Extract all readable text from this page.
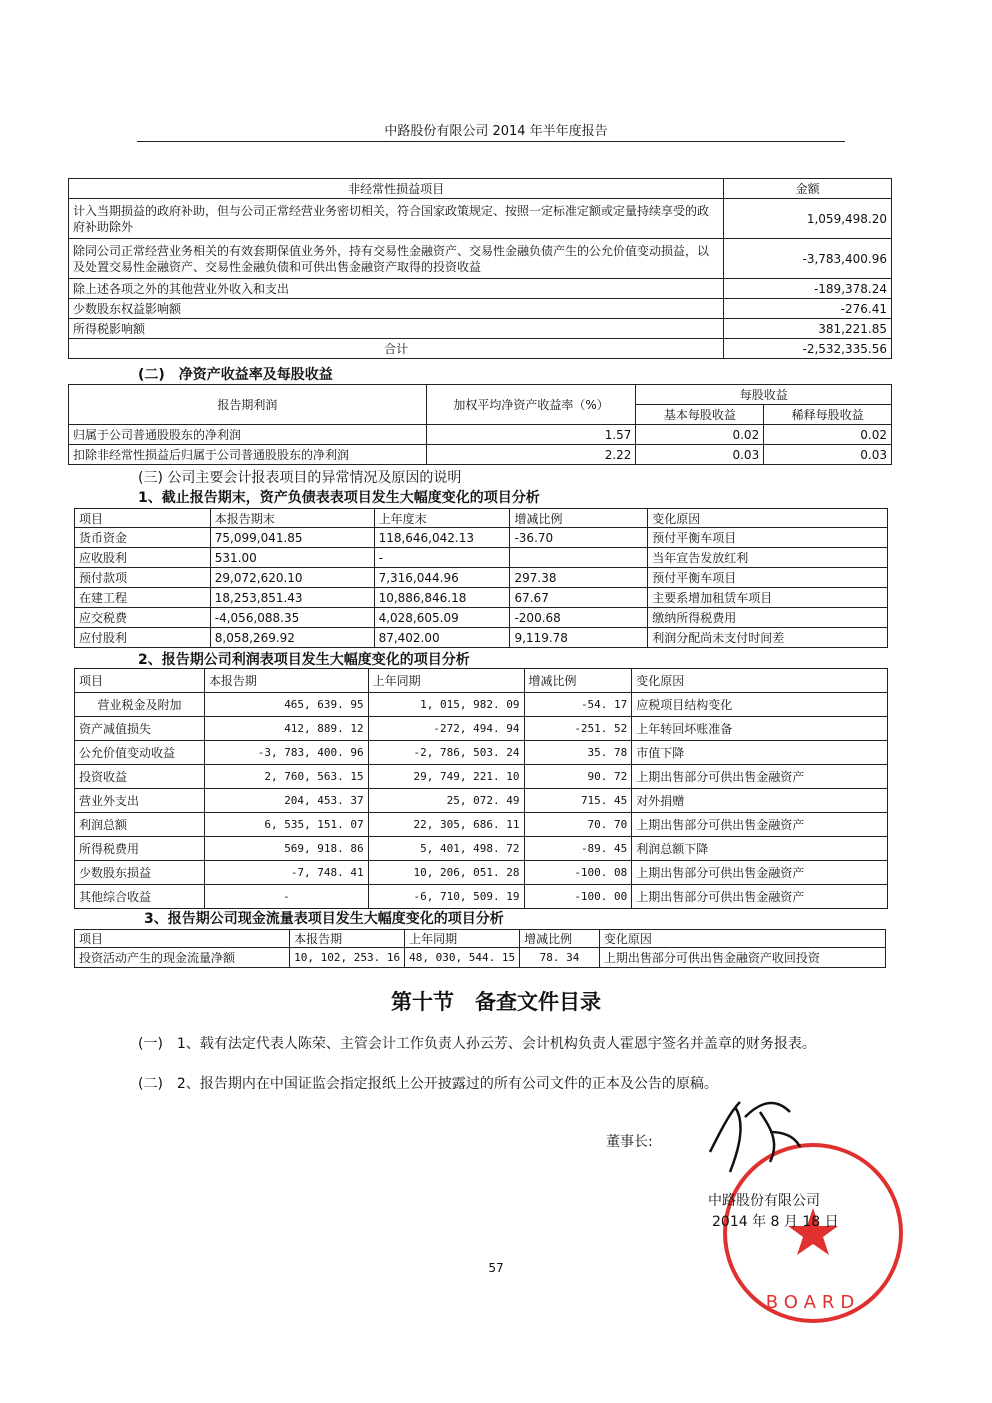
中路股份有限公司 2014 年半年度报告
非经常性损益项目	金额
计入当期损益的政府补助，但与公司正常经营业务密切相关，符合国家政策规定、按照一定标准定额或定量持续享受的政府补助除外	1,059,498.20
除同公司正常经营业务相关的有效套期保值业务外，持有交易性金融资产、交易性金融负债产生的公允价值变动损益，以及处置交易性金融资产、交易性金融负债和可供出售金融资产取得的投资收益	-3,783,400.96
除上述各项之外的其他营业外收入和支出	-189,378.24
少数股东权益影响额	-276.41
所得税影响额	381,221.85
合计	-2,532,335.56
(二)　净资产收益率及每股收益
报告期利润	加权平均净资产收益率（%）	每股收益	
		基本每股收益	稀释每股收益
归属于公司普通股股东的净利润	1.57	0.02	0.02
扣除非经常性损益后归属于公司普通股股东的净利润	2.22	0.03	0.03
(三) 公司主要会计报表项目的异常情况及原因的说明
1、截止报告期末，资产负债表表项目发生大幅度变化的项目分析
项目	本报告期末	上年度末	增减比例	变化原因
货币资金	75,099,041.85	118,646,042.13	-36.70	预付平衡车项目
应收股利	531.00	-		当年宣告发放红利
预付款项	29,072,620.10	7,316,044.96	297.38	预付平衡车项目
在建工程	18,253,851.43	10,886,846.18	67.67	主要系增加租赁车项目
应交税费	-4,056,088.35	4,028,605.09	-200.68	缴纳所得税费用
应付股利	8,058,269.92	87,402.00	9,119.78	利润分配尚未支付时间差
2、报告期公司利润表项目发生大幅度变化的项目分析
项目	本报告期	上年同期	增减比例	变化原因
营业税金及附加	465, 639. 95	1, 015, 982. 09	-54. 17	应税项目结构变化
资产减值损失	412, 889. 12	-272, 494. 94	-251. 52	上年转回坏账准备
公允价值变动收益	-3, 783, 400. 96	-2, 786, 503. 24	35. 78	市值下降
投资收益	2, 760, 563. 15	29, 749, 221. 10	90. 72	上期出售部分可供出售金融资产
营业外支出	204, 453. 37	25, 072. 49	715. 45	对外捐赠
利润总额	6, 535, 151. 07	22, 305, 686. 11	70. 70	上期出售部分可供出售金融资产
所得税费用	569, 918. 86	5, 401, 498. 72	-89. 45	利润总额下降
少数股东损益	-7, 748. 41	10, 206, 051. 28	-100. 08	上期出售部分可供出售金融资产
其他综合收益	-	-6, 710, 509. 19	-100. 00	上期出售部分可供出售金融资产
3、报告期公司现金流量表项目发生大幅度变化的项目分析
项目	本报告期	上年同期	增减比例	变化原因
投资活动产生的现金流量净额	10, 102, 253. 16	48, 030, 544. 15	78. 34	上期出售部分可供出售金融资产收回投资
第十节　备查文件目录
(一)　1、载有法定代表人陈荣、主管会计工作负责人孙云芳、会计机构负责人霍恩宇签名并盖章的财务报表。
(二)　2、报告期内在中国证监会指定报纸上公开披露过的所有公司文件的正本及公告的原稿。
BOARD
董事长:
中路股份有限公司
2014 年 8 月 18 日
57
